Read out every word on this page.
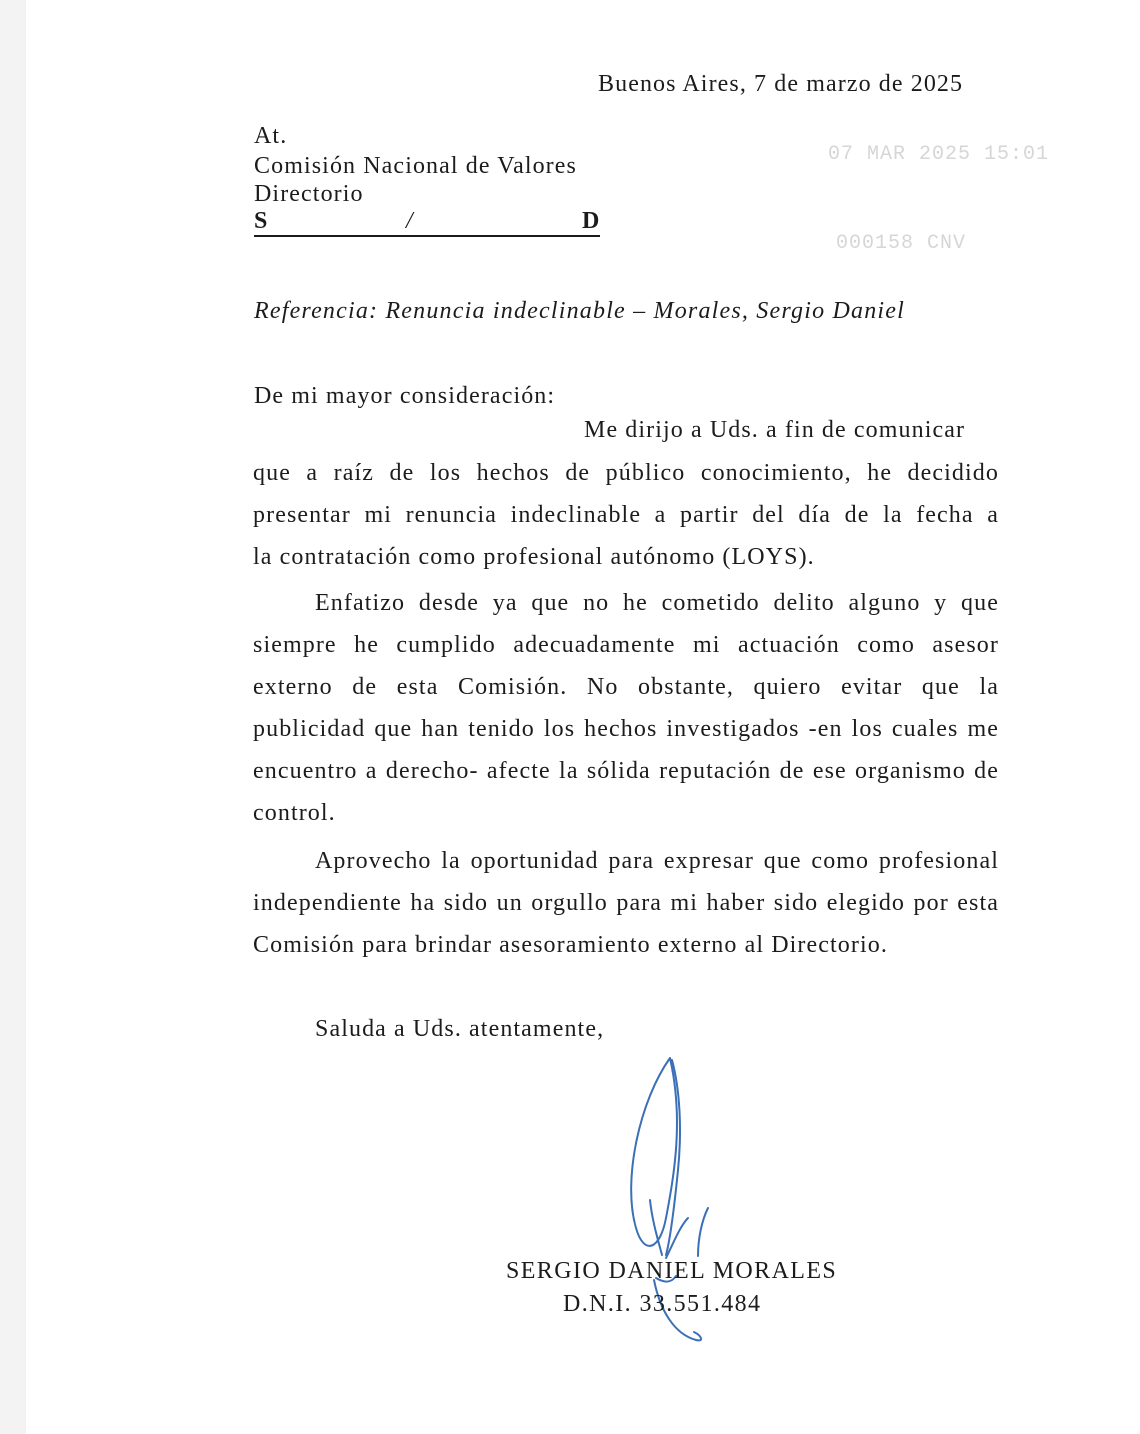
Buenos Aires, 7 de marzo de 2025
At.
Comisión Nacional de Valores
Directorio
S	/	D
07 MAR 2025 15:01
000158 CNV
Referencia: Renuncia indeclinable – Morales, Sergio Daniel
De mi mayor consideración:
Me dirijo a Uds. a fin de comunicar
que a raíz de los hechos de público conocimiento, he decidido
presentar mi renuncia indeclinable a partir del día de la fecha a
la contratación como profesional autónomo (LOYS).

Enfatizo desde ya que no he cometido delito alguno y que siempre he cumplido adecuadamente mi actuación como asesor externo de esta Comisión. No obstante, quiero evitar que la publicidad que han tenido los hechos investigados -en los cuales me encuentro a derecho- afecte la sólida reputación de ese organismo de control.

Aprovecho la oportunidad para expresar que como profesional independiente ha sido un orgullo para mi haber sido elegido por esta Comisión para brindar asesoramiento externo al Directorio.

Saluda a Uds. atentamente,
SERGIO DANIEL MORALES
D.N.I. 33.551.484
